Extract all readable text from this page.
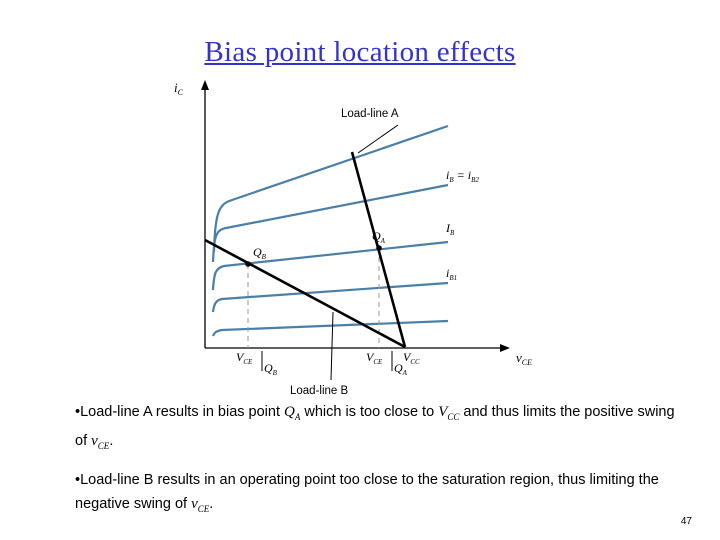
Bias point location effects
$i_C$
$v_{CE}$
$i_B = i_{B2}$
$I_B$
$i_{B1}$
$Q_A$
$Q_B$
Load-line A
Load-line B
$V_{CE}$ $Q_B$
$V_{CE}$ $Q_A$
$V_{CC}$
•Load-line A results in bias point $Q_A$ which is too close to $V_{CC}$ and thus limits the positive swing of $v_{CE}$.
•Load-line B results in an operating point too close to the saturation region, thus limiting the negative swing of $v_{CE}$.
47
